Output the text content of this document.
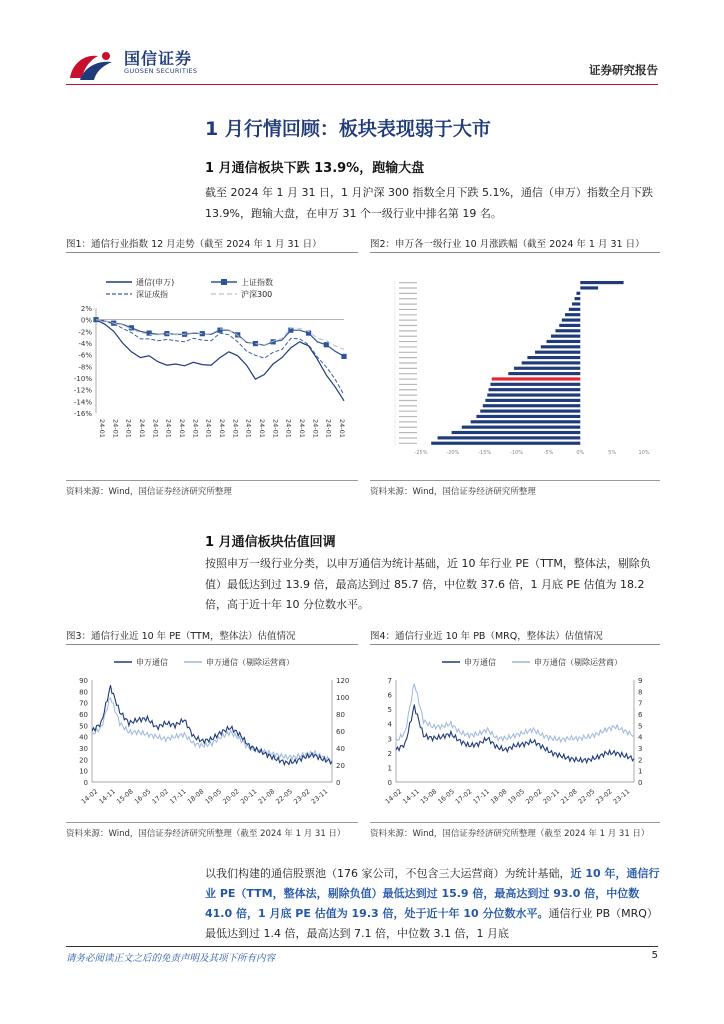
国信证券
GUOSEN SECURITIES	证券研究报告
1 月行情回顾：板块表现弱于大市
1 月通信板块下跌 13.9%，跑输大盘
截至 2024 年 1 月 31 日，1 月沪深 300 指数全月下跌 5.1%，通信（申万）指数全月下跌 13.9%，跑输大盘，在申万 31 个一级行业中排名第 19 名。
图1：通信行业指数 12 月走势（截至 2024 年 1 月 31 日）	图2：申万各一级行业 10 月涨跌幅（截至 2024 年 1 月 31 日）
2%
0%
-2%
-4%
-6%
-8%
-10%
-12%
-14%
-16%
24-01 24-01 24-01 24-01 24-01 24-01 24-01 24-01 24-01 24-01 24-01 24-01 24-01 24-01 24-01 24-01 24-01 24-01 24-01
通信(申万)	上证指数
深证成指	沪深300
-25%	-20%	-15%	-10%	-5%	0%	5%	10%
资料来源：Wind，国信证券经济研究所整理	资料来源：Wind，国信证券经济研究所整理
1 月通信板块估值回调
按照申万一级行业分类，以申万通信为统计基础，近 10 年行业 PE（TTM，整体法，剔除负值）最低达到过 13.9 倍，最高达到过 85.7 倍，中位数 37.6 倍，1 月底 PE 估值为 18.2 倍，高于近十年 10 分位数水平。
图3：通信行业近 10 年 PE（TTM，整体法）估值情况	图4：通信行业近 10 年 PB（MRQ，整体法）估值情况
90
80
70
60
50
40
30
20
10
0
120
100
80
60
40
20
0
14-02
14-11
15-08
16-05
17-02
17-11
18-08
19-05
20-02
20-11
21-08
22-05
23-02
23-11
申万通信	申万通信（剔除运营商）
7
6
5
4
3
2
1
0
9
8
7
6
5
4
3
2
1
0
14-02
14-11
15-08
16-05
17-02
17-11
18-08
19-05
20-02
20-11
21-08
22-05
23-02
23-11
申万通信	申万通信（剔除运营商）
资料来源：Wind，国信证券经济研究所整理（截至 2024 年 1 月 31 日）	资料来源：Wind，国信证券经济研究所整理（截至 2024 年 1 月 31 日）
以我们构建的通信股票池（176 家公司，不包含三大运营商）为统计基础，近 10 年，通信行业 PE（TTM，整体法，剔除负值）最低达到过 15.9 倍，最高达到过 93.0 倍，中位数 41.0 倍，1 月底 PE 估值为 19.3 倍，处于近十年 10 分位数水平。通信行业 PB（MRQ）最低达到过 1.4 倍，最高达到 7.1 倍，中位数 3.1 倍，1 月底
请务必阅读正文之后的免责声明及其项下所有内容	5
